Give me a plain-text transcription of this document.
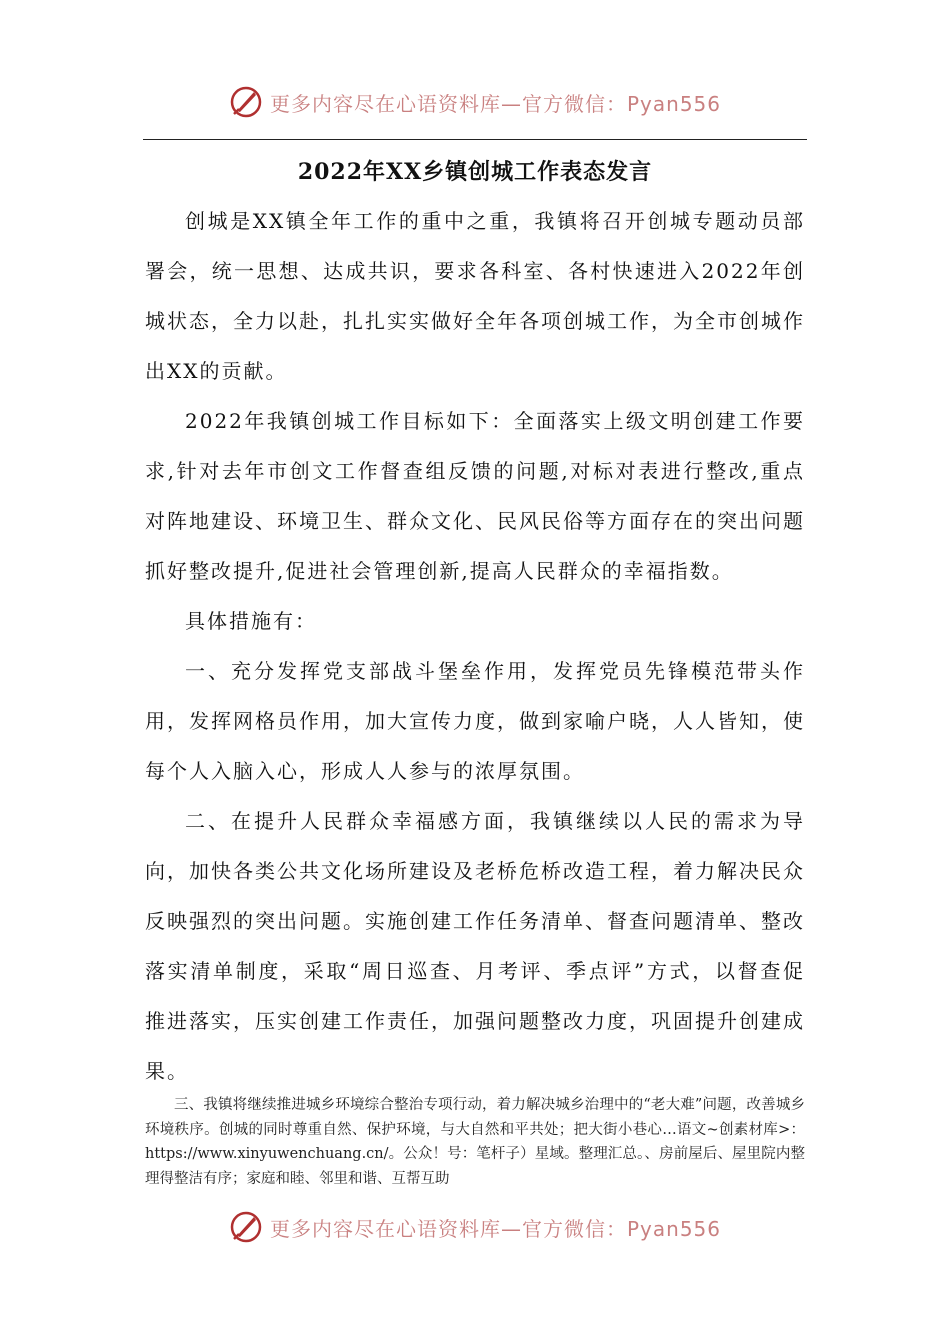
更多内容尽在心语资料库—官方微信：Pyan556
2022年XX乡镇创城工作表态发言

创城是XX镇全年工作的重中之重，我镇将召开创城专题动员部署会，统一思想、达成共识，要求各科室、各村快速进入2022年创城状态，全力以赴，扎扎实实做好全年各项创城工作，为全市创城作出XX的贡献。

2022年我镇创城工作目标如下：全面落实上级文明创建工作要求,针对去年市创文工作督查组反馈的问题,对标对表进行整改,重点对阵地建设、环境卫生、群众文化、民风民俗等方面存在的突出问题抓好整改提升,促进社会管理创新,提高人民群众的幸福指数。

具体措施有：

一、充分发挥党支部战斗堡垒作用，发挥党员先锋模范带头作用，发挥网格员作用，加大宣传力度，做到家喻户晓，人人皆知，使每个人入脑入心，形成人人参与的浓厚氛围。

二、在提升人民群众幸福感方面，我镇继续以人民的需求为导向，加快各类公共文化场所建设及老桥危桥改造工程，着力解决民众反映强烈的突出问题。实施创建工作任务清单、督查问题清单、整改落实清单制度，采取“周日巡查、月考评、季点评”方式，以督查促推进落实，压实创建工作责任，加强问题整改力度，巩固提升创建成果。

三、我镇将继续推进城乡环境综合整治专项行动，着力解决城乡治理中的“老大难”问题，改善城乡环境秩序。创城的同时尊重自然、保护环境，与大自然和平共处；把大街小巷心…语文~创素材库>：https://www.xinyuwenchuang.cn/。公众！号：笔杆子）星域。整理汇总。、房前屋后、屋里院内整理得整洁有序；家庭和睦、邻里和谐、互帮互助

更多内容尽在心语资料库—官方微信：Pyan556
